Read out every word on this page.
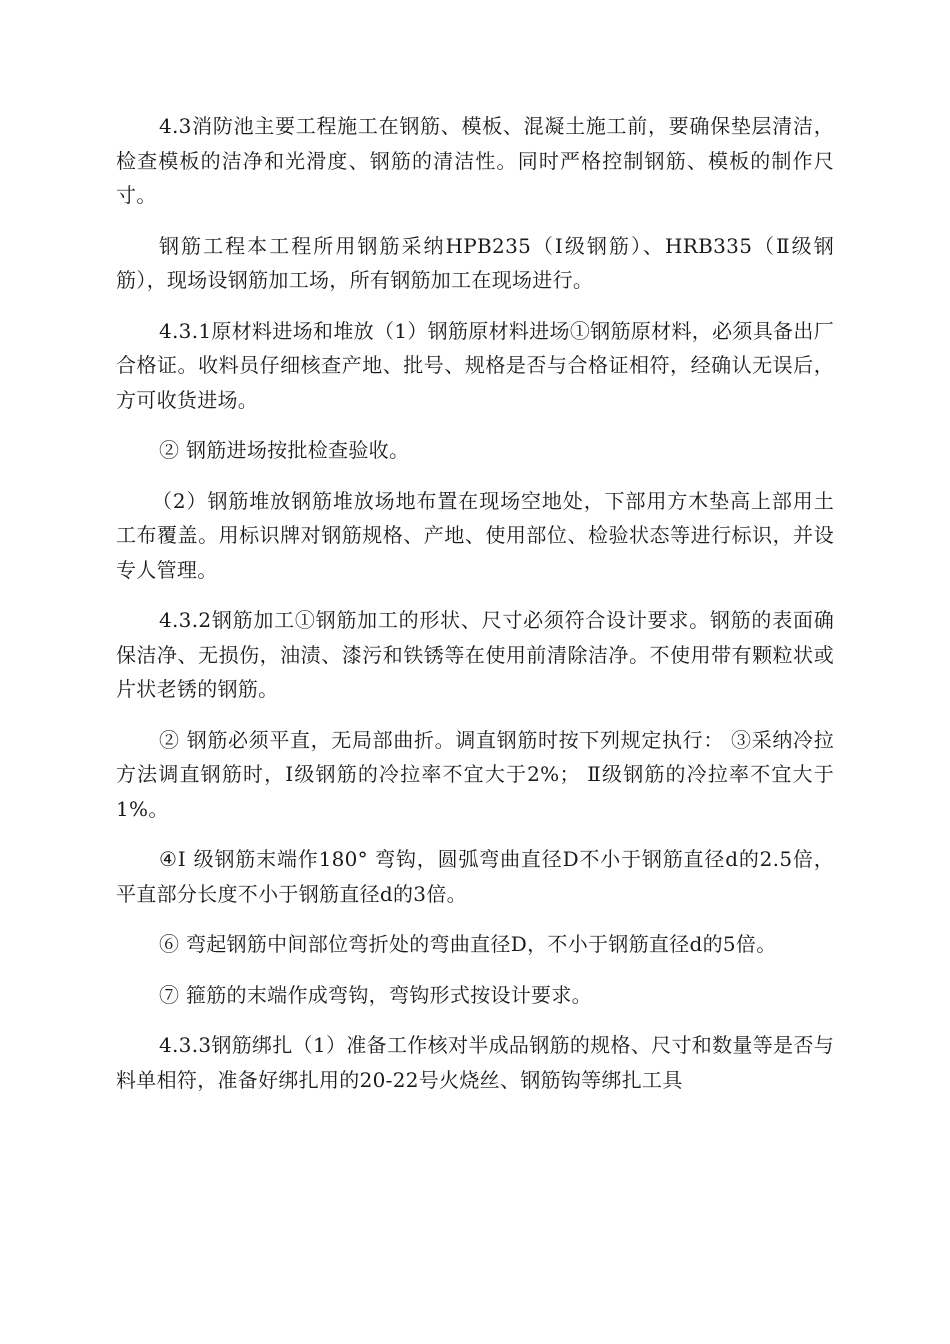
4.3消防池主要工程施工在钢筋、模板、混凝土施工前，要确保垫层清洁，检查模板的洁净和光滑度、钢筋的清洁性。同时严格控制钢筋、模板的制作尺寸。

钢筋工程本工程所用钢筋采纳HPB235（Ⅰ级钢筋）、HRB335（Ⅱ级钢筋），现场设钢筋加工场，所有钢筋加工在现场进行。

4.3.1原材料进场和堆放（1）钢筋原材料进场①钢筋原材料，必须具备出厂合格证。收料员仔细核查产地、批号、规格是否与合格证相符，经确认无误后，方可收货进场。

② 钢筋进场按批检查验收。

（2）钢筋堆放钢筋堆放场地布置在现场空地处，下部用方木垫高上部用土工布覆盖。用标识牌对钢筋规格、产地、使用部位、检验状态等进行标识，并设专人管理。

4.3.2钢筋加工①钢筋加工的形状、尺寸必须符合设计要求。钢筋的表面确保洁净、无损伤，油渍、漆污和铁锈等在使用前清除洁净。不使用带有颗粒状或片状老锈的钢筋。

② 钢筋必须平直，无局部曲折。调直钢筋时按下列规定执行： ③采纳冷拉方法调直钢筋时，Ⅰ级钢筋的冷拉率不宜大于2%； Ⅱ级钢筋的冷拉率不宜大于1%。

④Ⅰ 级钢筋末端作180° 弯钩，圆弧弯曲直径D不小于钢筋直径d的2.5倍，平直部分长度不小于钢筋直径d的3倍。

⑥ 弯起钢筋中间部位弯折处的弯曲直径D，不小于钢筋直径d的5倍。

⑦ 箍筋的末端作成弯钩，弯钩形式按设计要求。

4.3.3钢筋绑扎（1）准备工作核对半成品钢筋的规格、尺寸和数量等是否与料单相符，准备好绑扎用的20-22号火烧丝、钢筋钩等绑扎工具
